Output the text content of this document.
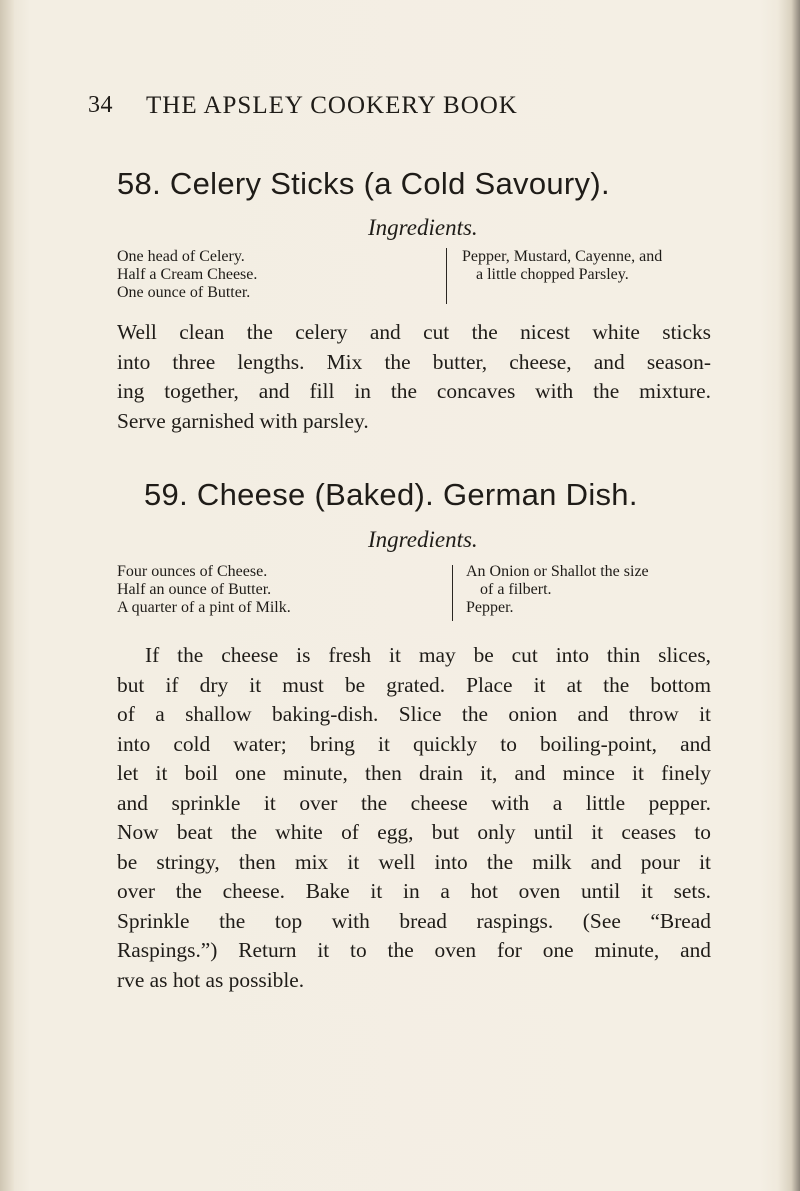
34 THE APSLEY COOKERY BOOK
58. Celery Sticks (a Cold Savoury).
Ingredients.
One head of Celery.
Half a Cream Cheese.
One ounce of Butter.
Pepper, Mustard, Cayenne, and
a little chopped Parsley.
Well clean the celery and cut the nicest white sticks
into three lengths. Mix the butter, cheese, and season-
ing together, and fill in the concaves with the mixture.
Serve garnished with parsley.
59. Cheese (Baked). German Dish.
Ingredients.
Four ounces of Cheese.
Half an ounce of Butter.
A quarter of a pint of Milk.
An Onion or Shallot the size
of a filbert.
Pepper.
If the cheese is fresh it may be cut into thin slices,
but if dry it must be grated. Place it at the bottom
of a shallow baking-dish. Slice the onion and throw it
into cold water; bring it quickly to boiling-point, and
let it boil one minute, then drain it, and mince it finely
and sprinkle it over the cheese with a little pepper.
Now beat the white of egg, but only until it ceases to
be stringy, then mix it well into the milk and pour it
over the cheese. Bake it in a hot oven until it sets.
Sprinkle the top with bread raspings. (See “Bread
Raspings.”) Return it to the oven for one minute, and
rve as hot as possible.
